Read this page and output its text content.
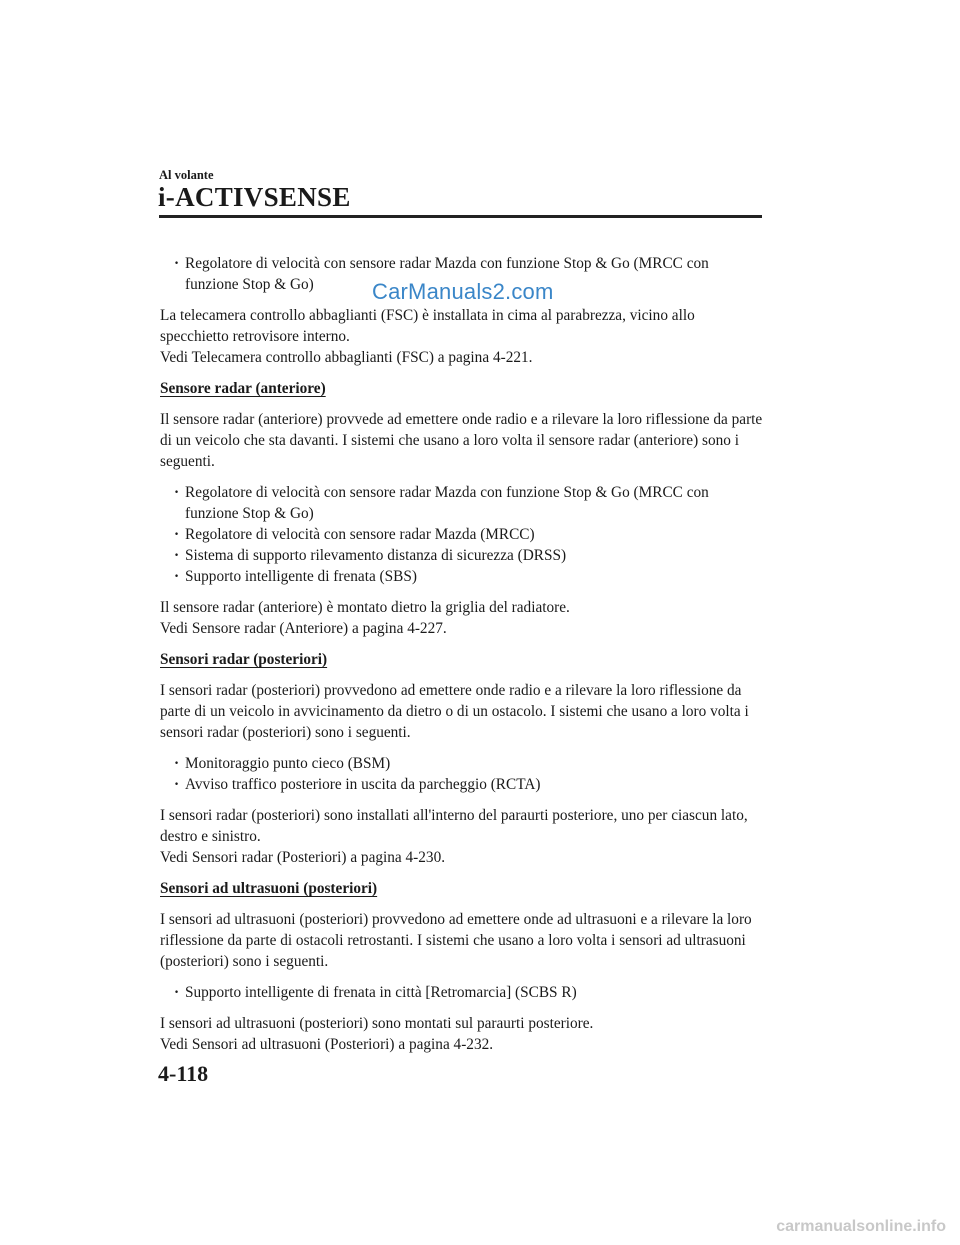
Al volante
i-ACTIVSENSE
· Regolatore di velocità con sensore radar Mazda con funzione Stop & Go (MRCC con funzione Stop & Go)

La telecamera controllo abbaglianti (FSC) è installata in cima al parabrezza, vicino allo specchietto retrovisore interno.
Vedi Telecamera controllo abbaglianti (FSC) a pagina 4-221.

Sensore radar (anteriore)

Il sensore radar (anteriore) provvede ad emettere onde radio e a rilevare la loro riflessione da parte di un veicolo che sta davanti. I sistemi che usano a loro volta il sensore radar (anteriore) sono i seguenti.

· Regolatore di velocità con sensore radar Mazda con funzione Stop & Go (MRCC con funzione Stop & Go)
· Regolatore di velocità con sensore radar Mazda (MRCC)
· Sistema di supporto rilevamento distanza di sicurezza (DRSS)
· Supporto intelligente di frenata (SBS)

Il sensore radar (anteriore) è montato dietro la griglia del radiatore.
Vedi Sensore radar (Anteriore) a pagina 4-227.

Sensori radar (posteriori)

I sensori radar (posteriori) provvedono ad emettere onde radio e a rilevare la loro riflessione da parte di un veicolo in avvicinamento da dietro o di un ostacolo. I sistemi che usano a loro volta i sensori radar (posteriori) sono i seguenti.

· Monitoraggio punto cieco (BSM)
· Avviso traffico posteriore in uscita da parcheggio (RCTA)

I sensori radar (posteriori) sono installati all'interno del paraurti posteriore, uno per ciascun lato, destro e sinistro.
Vedi Sensori radar (Posteriori) a pagina 4-230.

Sensori ad ultrasuoni (posteriori)

I sensori ad ultrasuoni (posteriori) provvedono ad emettere onde ad ultrasuoni e a rilevare la loro riflessione da parte di ostacoli retrostanti. I sistemi che usano a loro volta i sensori ad ultrasuoni (posteriori) sono i seguenti.

· Supporto intelligente di frenata in città [Retromarcia] (SCBS R)

I sensori ad ultrasuoni (posteriori) sono montati sul paraurti posteriore.
Vedi Sensori ad ultrasuoni (Posteriori) a pagina 4-232.

CarManuals2.com
4-118
carmanualsonline.info
